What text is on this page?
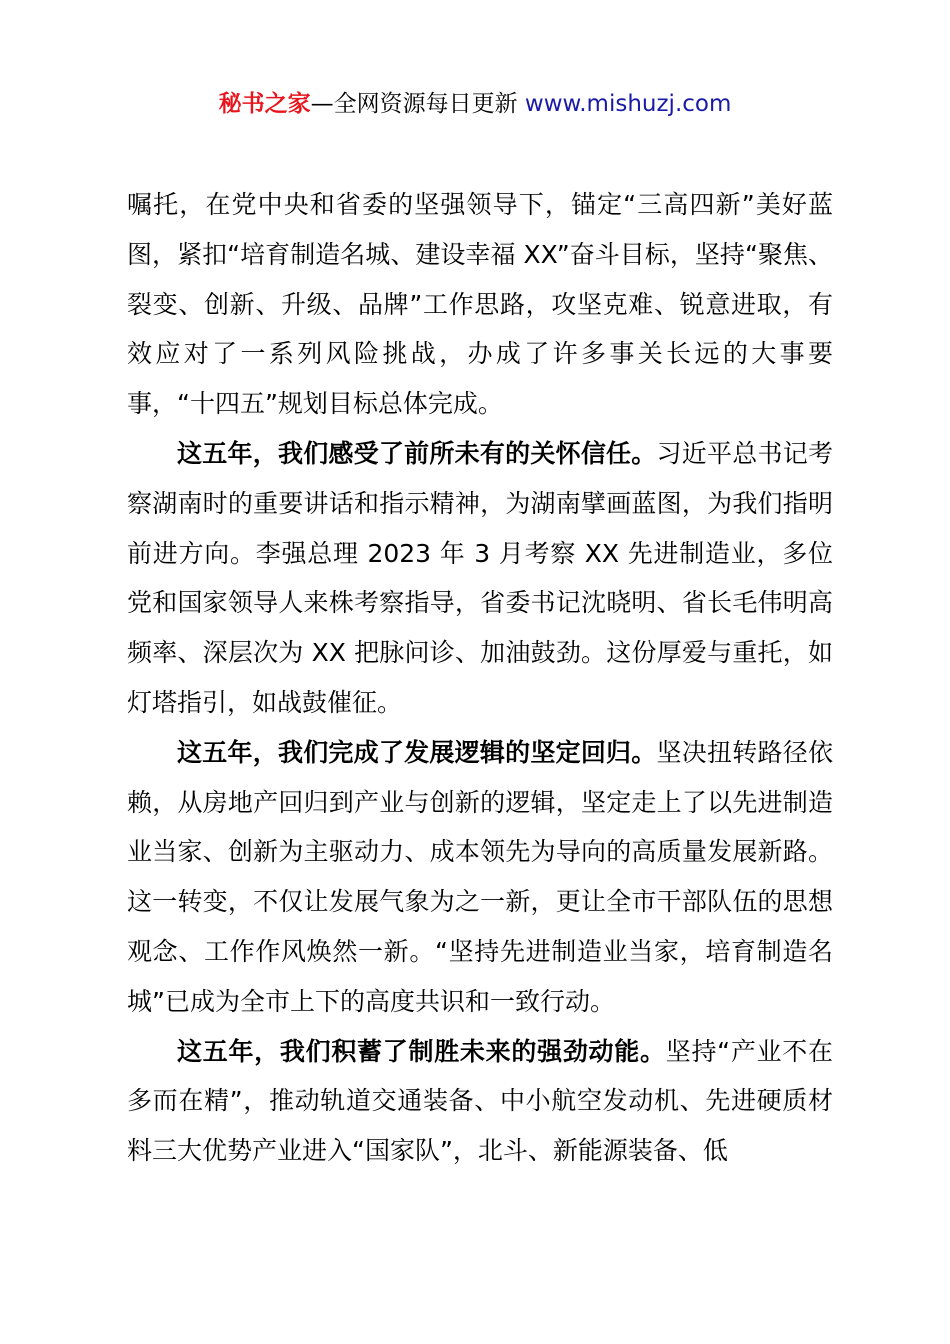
秘书之家—全网资源每日更新 www.mishuzj.com

嘱托，在党中央和省委的坚强领导下，锚定“三高四新”美好蓝图，紧扣“培育制造名城、建设幸福 XX”奋斗目标，坚持“聚焦、裂变、创新、升级、品牌”工作思路，攻坚克难、锐意进取，有效应对了一系列风险挑战，办成了许多事关长远的大事要事，“十四五”规划目标总体完成。

这五年，我们感受了前所未有的关怀信任。习近平总书记考察湖南时的重要讲话和指示精神，为湖南擘画蓝图，为我们指明前进方向。李强总理 2023 年 3 月考察 XX 先进制造业，多位党和国家领导人来株考察指导，省委书记沈晓明、省长毛伟明高频率、深层次为 XX 把脉问诊、加油鼓劲。这份厚爱与重托，如灯塔指引，如战鼓催征。

这五年，我们完成了发展逻辑的坚定回归。坚决扭转路径依赖，从房地产回归到产业与创新的逻辑，坚定走上了以先进制造业当家、创新为主驱动力、成本领先为导向的高质量发展新路。这一转变，不仅让发展气象为之一新，更让全市干部队伍的思想观念、工作作风焕然一新。“坚持先进制造业当家，培育制造名城”已成为全市上下的高度共识和一致行动。

这五年，我们积蓄了制胜未来的强劲动能。坚持“产业不在多而在精”，推动轨道交通装备、中小航空发动机、先进硬质材料三大优势产业进入“国家队”，北斗、新能源装备、低
